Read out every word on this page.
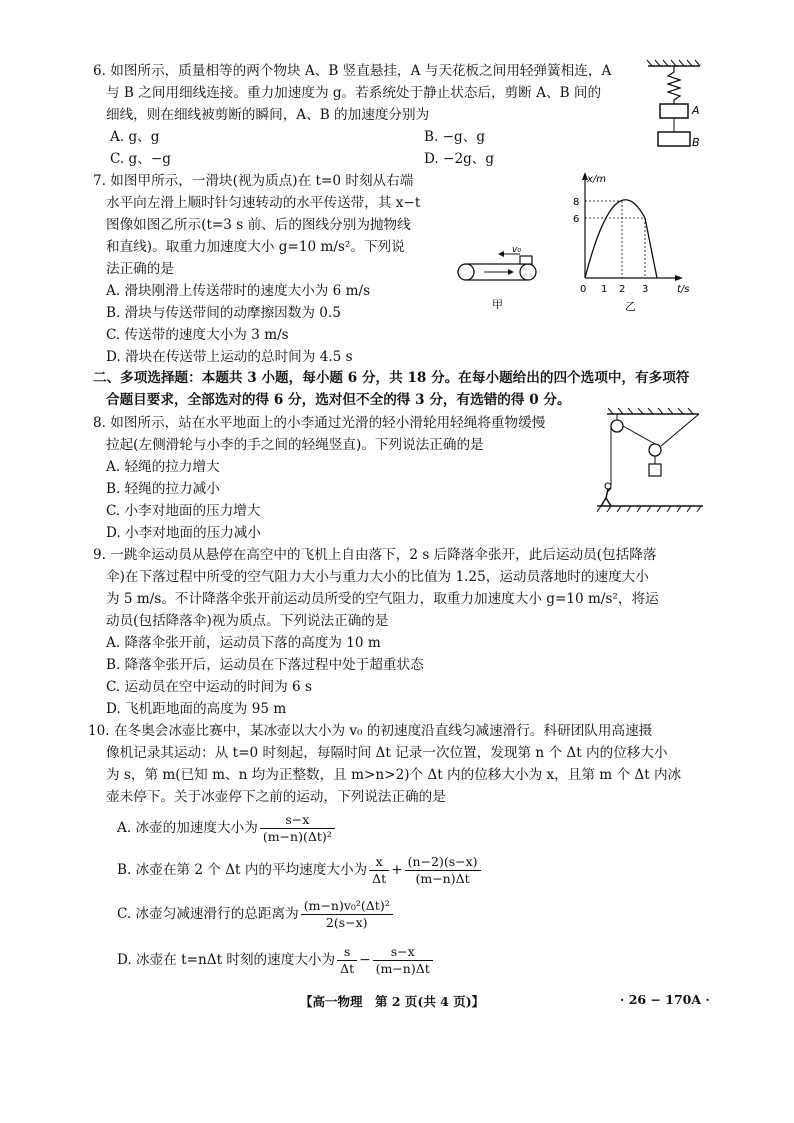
6. 如图所示，质量相等的两个物块 A、B 竖直悬挂，A 与天花板之间用轻弹簧相连，A

与 B 之间用细线连接。重力加速度为 g。若系统处于静止状态后，剪断 A、B 间的

细线，则在细线被剪断的瞬间，A、B 的加速度分别为

A. g、g

C. g、−g

B. −g、g

D. −2g、g

A
B

7. 如图甲所示，一滑块(视为质点)在 t=0 时刻从右端

水平向左滑上顺时针匀速转动的水平传送带，其 x−t

图像如图乙所示(t=3 s 前、后的图线分别为抛物线

和直线)。取重力加速度大小 g=10 m/s²。下列说

法正确的是

A. 滑块刚滑上传送带时的速度大小为 6 m/s

B. 滑块与传送带间的动摩擦因数为 0.5

C. 传送带的速度大小为 3 m/s

D. 滑块在传送带上运动的总时间为 4.5 s

v₀
甲
x/m
8
6
0 1 2 3	t/s
乙

二、多项选择题：本题共 3 小题，每小题 6 分，共 18 分。在每小题给出的四个选项中，有多项符

合题目要求，全部选对的得 6 分，选对但不全的得 3 分，有选错的得 0 分。

8. 如图所示，站在水平地面上的小李通过光滑的轻小滑轮用轻绳将重物缓慢

拉起(左侧滑轮与小李的手之间的轻绳竖直)。下列说法正确的是

A. 轻绳的拉力增大

B. 轻绳的拉力减小

C. 小李对地面的压力增大

D. 小李对地面的压力减小

9. 一跳伞运动员从悬停在高空中的飞机上自由落下，2 s 后降落伞张开，此后运动员(包括降落

伞)在下落过程中所受的空气阻力大小与重力大小的比值为 1.25，运动员落地时的速度大小

为 5 m/s。不计降落伞张开前运动员所受的空气阻力，取重力加速度大小 g=10 m/s²，将运

动员(包括降落伞)视为质点。下列说法正确的是

A. 降落伞张开前，运动员下落的高度为 10 m

B. 降落伞张开后，运动员在下落过程中处于超重状态

C. 运动员在空中运动的时间为 6 s

D. 飞机距地面的高度为 95 m

10. 在冬奥会冰壶比赛中，某冰壶以大小为 v₀ 的初速度沿直线匀减速滑行。科研团队用高速摄

像机记录其运动：从 t=0 时刻起，每隔时间 Δt 记录一次位置，发现第 n 个 Δt 内的位移大小

为 s，第 m(已知 m、n 均为正整数，且 m>n>2)个 Δt 内的位移大小为 x，且第 m 个 Δt 内冰

壶未停下。关于冰壶停下之前的运动，下列说法正确的是

A. 冰壶的加速度大小为 $\frac{s-x}{\text{(m−n)(Δt)²}}$
B. 冰壶在第 2 个 Δt 内的平均速度大小为 $\frac{x}{\Delta t} + \frac{(n-2)(s-x)}{(m-n)\Delta t}$
C. 冰壶匀减速滑行的总距离为 $\frac{\text{(m−n)v₀²(Δt)²}}{2(s-x)}$
D. 冰壶在 t=nΔt 时刻的速度大小为 $\frac{s}{\Delta t} - \frac{s-x}{(m-n)\Delta t}$
【高一物理　第 2 页(共 4 页)】	· 26 − 170A ·
